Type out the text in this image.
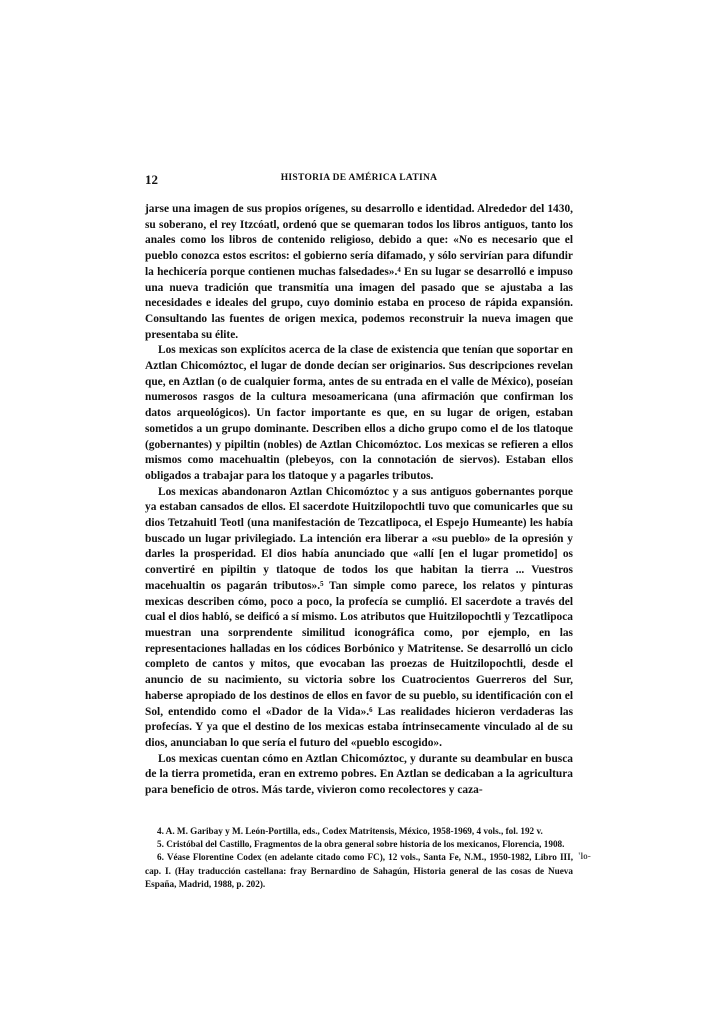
12	HISTORIA DE AMÉRICA LATINA

jarse una imagen de sus propios orígenes, su desarrollo e identidad. Alrededor del 1430, su soberano, el rey Itzcóatl, ordenó que se quemaran todos los libros antiguos, tanto los anales como los libros de contenido religioso, debido a que: «No es necesario que el pueblo conozca estos escritos: el gobierno sería difamado, y sólo servirían para difundir la hechicería porque contienen muchas falsedades».⁴ En su lugar se desarrolló e impuso una nueva tradición que transmitía una imagen del pasado que se ajustaba a las necesidades e ideales del grupo, cuyo dominio estaba en proceso de rápida expansión. Consultando las fuentes de origen mexica, podemos reconstruir la nueva imagen que presentaba su élite.

Los mexicas son explícitos acerca de la clase de existencia que tenían que soportar en Aztlan Chicomóztoc, el lugar de donde decían ser originarios. Sus descripciones revelan que, en Aztlan (o de cualquier forma, antes de su entrada en el valle de México), poseían numerosos rasgos de la cultura mesoamericana (una afirmación que confirman los datos arqueológicos). Un factor importante es que, en su lugar de origen, estaban sometidos a un grupo dominante. Describen ellos a dicho grupo como el de los tlatoque (gobernantes) y pipiltin (nobles) de Aztlan Chicomóztoc. Los mexicas se refieren a ellos mismos como macehualtin (plebeyos, con la connotación de siervos). Estaban ellos obligados a trabajar para los tlatoque y a pagarles tributos.

Los mexicas abandonaron Aztlan Chicomóztoc y a sus antiguos gobernantes porque ya estaban cansados de ellos. El sacerdote Huitzilopochtli tuvo que comunicarles que su dios Tetzahuitl Teotl (una manifestación de Tezcatlipoca, el Espejo Humeante) les había buscado un lugar privilegiado. La intención era liberar a «su pueblo» de la opresión y darles la prosperidad. El dios había anunciado que «allí [en el lugar prometido] os convertiré en pipiltin y tlatoque de todos los que habitan la tierra ... Vuestros macehualtin os pagarán tributos».⁵ Tan simple como parece, los relatos y pinturas mexicas describen cómo, poco a poco, la profecía se cumplió. El sacerdote a través del cual el dios habló, se deificó a sí mismo. Los atributos que Huitzilopochtli y Tezcatlipoca muestran una sorprendente similitud iconográfica como, por ejemplo, en las representaciones halladas en los códices Borbónico y Matritense. Se desarrolló un ciclo completo de cantos y mitos, que evocaban las proezas de Huitzilopochtli, desde el anuncio de su nacimiento, su victoria sobre los Cuatrocientos Guerreros del Sur, haberse apropiado de los destinos de ellos en favor de su pueblo, su identificación con el Sol, entendido como el «Dador de la Vida».⁶ Las realidades hicieron verdaderas las profecías. Y ya que el destino de los mexicas estaba íntrinsecamente vinculado al de su dios, anunciaban lo que sería el futuro del «pueblo escogido».

Los mexicas cuentan cómo en Aztlan Chicomóztoc, y durante su deambular en busca de la tierra prometida, eran en extremo pobres. En Aztlan se dedicaban a la agricultura para beneficio de otros. Más tarde, vivieron como recolectores y caza-

4. A. M. Garibay y M. León-Portilla, eds., Codex Matritensis, México, 1958-1969, 4 vols., fol. 192 v.

5. Cristóbal del Castillo, Fragmentos de la obra general sobre historia de los mexicanos, Florencia, 1908.

6. Véase Florentine Codex (en adelante citado como FC), 12 vols., Santa Fe, N.M., 1950-1982, Libro III, cap. I. (Hay traducción castellana: fray Bernardino de Sahagún, Historia general de las cosas de Nueva España, Madrid, 1988, p. 202).

'lo-
